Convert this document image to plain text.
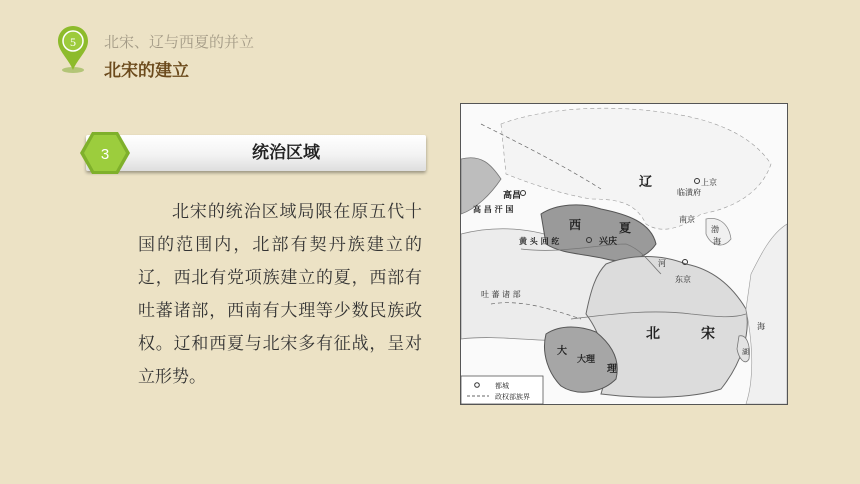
5 北宋、辽与西夏的并立
北宋的建立
统治区域
3
北宋的统治区域局限在原五代十国的范围内，北部有契丹族建立的辽，西北有党项族建立的夏，西部有吐蕃诸部，西南有大理等少数民族政权。辽和西夏与北宋多有征战，呈对立形势。
辽	上京
临潢府
南京
渤
海
东京
河
西	夏
兴庆
高昌
高 昌 汗 国
黄 头 回 纥
吐 蕃 诸 部
北	宋
大
大理
理
湖
海
都城
政权部族界
